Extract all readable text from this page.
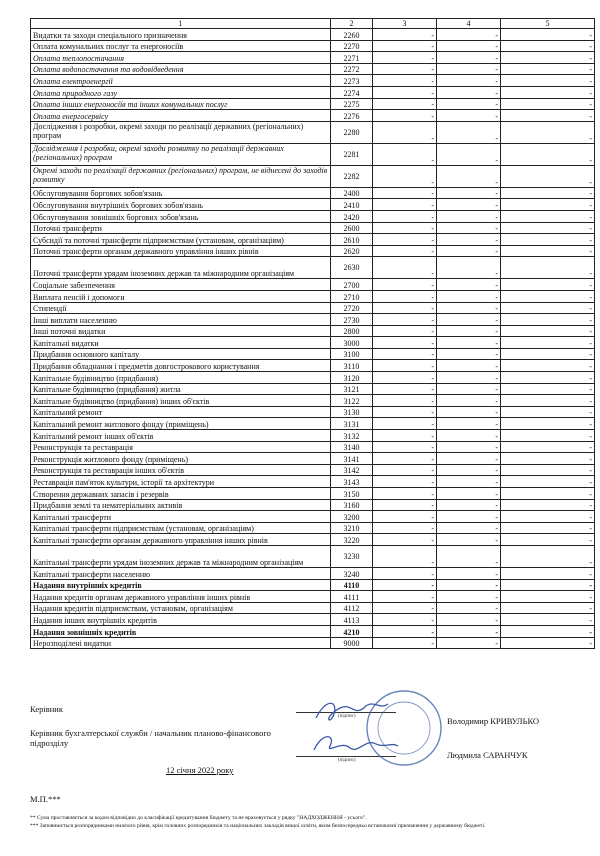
1	2	3	4	5
Видатки та заходи спеціального призначення	2260	-	-	-
Оплата комунальних послуг та енергоносіїв	2270	-	-	-
Оплата теплопостачання	2271	-	-	-
Оплата водопостачання та водовідведення	2272	-	-	-
Оплата електроенергії	2273	-	-	-
Оплата природного газу	2274	-	-	-
Оплата інших енергоносіїв та інших комунальних послуг	2275	-	-	-
Оплата енергосервісу	2276	-	-	-
Дослідження і розробки, окремі заходи по реалізації державних (регіональних) програм	2280	-	-	-
Дослідження і розробки, окремі заходи розвитку по реалізації державних (регіональних) програм	2281	-	-	-
Окремі заходи по реалізації державних (регіональних) програм, не віднесені до заходів розвитку	2282	-	-	-
Обслуговування боргових зобов'язань	2400	-	-	-
Обслуговування внутрішніх боргових зобов'язань	2410	-	-	-
Обслуговування зовнішніх боргових зобов'язань	2420	-	-	-
Поточні трансферти	2600	-	-	-
Субсидії та поточні трансферти підприємствам (установам, організаціям)	2610	-	-	-
Поточні трансферти органам державного управління інших рівнів	2620	-	-	-
Поточні трансферти урядам іноземних держав та міжнародним організаціям	2630	-	-	-
Соціальне забезпечення	2700	-	-	-
Виплата пенсій і допомоги	2710	-	-	-
Стипендії	2720	-	-	-
Інші виплати населенню	2730	-	-	-
Інші поточні видатки	2800	-	-	-
Капітальні видатки	3000	-	-	-
Придбання основного капіталу	3100	-	-	-
Придбання обладнання і предметів довгострокового користування	3110	-	-	-
Капітальне будівництво (придбання)	3120	-	-	-
Капітальне будівництво (придбання) житла	3121	-	-	-
Капітальне будівництво (придбання) інших об'єктів	3122	-	-	-
Капітальний ремонт	3130	-	-	-
Капітальний ремонт житлового фонду (приміщень)	3131	-	-	-
Капітальний ремонт інших об'єктів	3132	-	-	-
Реконструкція та реставрація	3140	-	-	-
Реконструкція житлового фонду (приміщень)	3141	-	-	-
Реконструкція та реставрація інших об'єктів	3142	-	-	-
Реставрація пам'яток культури, історії та архітектури	3143	-	-	-
Створення державних запасів і резервів	3150	-	-	-
Придбання землі та нематеріальних активів	3160	-	-	-
Капітальні трансферти	3200	-	-	-
Капітальні трансферти підприємствам (установам, організаціям)	3210	-	-	-
Капітальні трансферти органам державного управління інших рівнів	3220	-	-	-
Капітальні трансферти урядам іноземних держав та міжнародним організаціям	3230	-	-	-
Капітальні трансферти населенню	3240	-	-	-
Надання внутрішніх кредитів	4110	-	-	-
Надання кредитів органам державного управління інших рівнів	4111	-	-	-
Надання кредитів підприємствам, установам, організаціям	4112	-	-	-
Надання інших внутрішніх кредитів	4113	-	-	-
Надання зовнішніх кредитів	4210	-	-	-
Нерозподілені видатки	9000	-	-	-
Керівник
(підпис)	Володимир КРИВУЛЬКО
Керівник бухгалтерської служби / начальник планово-фінансового підрозділу
(підпис)
Людмила САРАНЧУК
12 січня 2022 року
М.П.***
** Сума проставляється за кодом відповідно до класифікації кредитування бюджету та не враховується у рядку "НАДХОДЖЕННЯ - усього".
*** Заповнюється розпорядниками нижчого рівня, крім головних розпорядників та національних закладів вищої освіти, яким безпосередньо встановлені призначення у державному бюджеті.
